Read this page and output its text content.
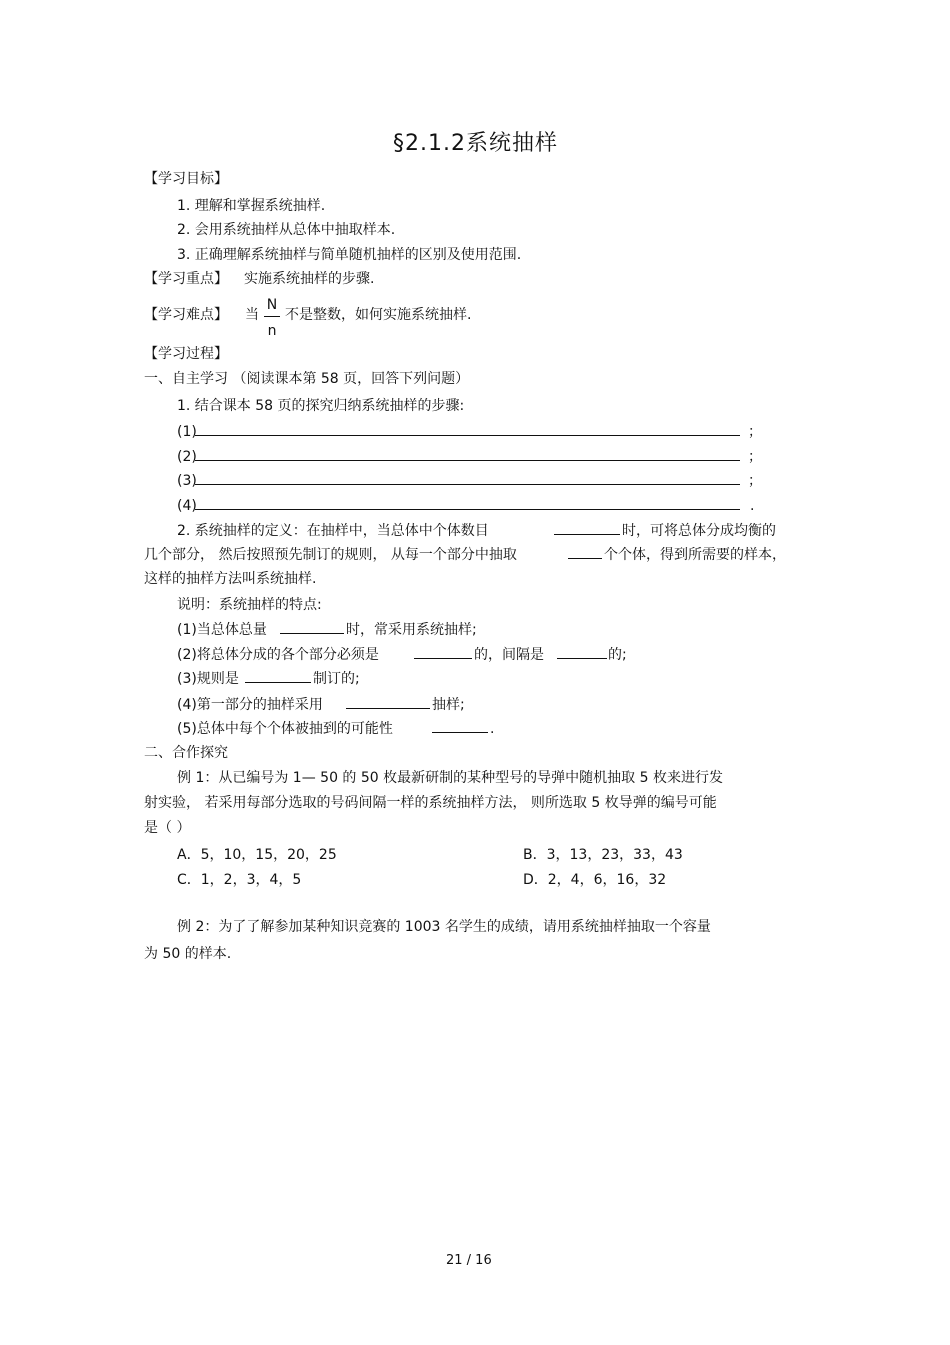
§2.1.2系统抽样
【学习目标】
1. 理解和掌握系统抽样.
2. 会用系统抽样从总体中抽取样本.
3. 正确理解系统抽样与简单随机抽样的区别及使用范围.
【学习重点】 实施系统抽样的步骤.
【学习难点】 当
N
n
不是整数，如何实施系统抽样.
【学习过程】
一、自主学习 （阅读课本第 58 页，回答下列问题）
1. 结合课本 58 页的探究归纳系统抽样的步骤:
(1)	；
(2)	；
(3)	；
(4)	.
2. 系统抽样的定义：在抽样中，当总体中个体数目	时，可将总体分成均衡的
几个部分， 然后按照预先制订的规则， 从每一个部分中抽取	个个体，得到所需要的样本，
这样的抽样方法叫系统抽样.
说明：系统抽样的特点:
(1)当总体总量	时，常采用系统抽样;
(2)将总体分成的各个部分必须是	的，间隔是	的;
(3)规则是	制订的;
(4)第一部分的抽样采用	抽样;
(5)总体中每个个体被抽到的可能性	.
二、合作探究
例 1：从已编号为 1— 50 的 50 枚最新研制的某种型号的导弹中随机抽取 5 枚来进行发
射实验， 若采用每部分选取的号码间隔一样的系统抽样方法， 则所选取 5 枚导弹的编号可能
是（ ）
A．5，10，15，20，25	B．3，13，23，33，43
C．1，2，3，4，5	D．2，4，6，16，32
例 2：为了了解参加某种知识竞赛的 1003 名学生的成绩，请用系统抽样抽取一个容量
为 50 的样本.
21 / 16
